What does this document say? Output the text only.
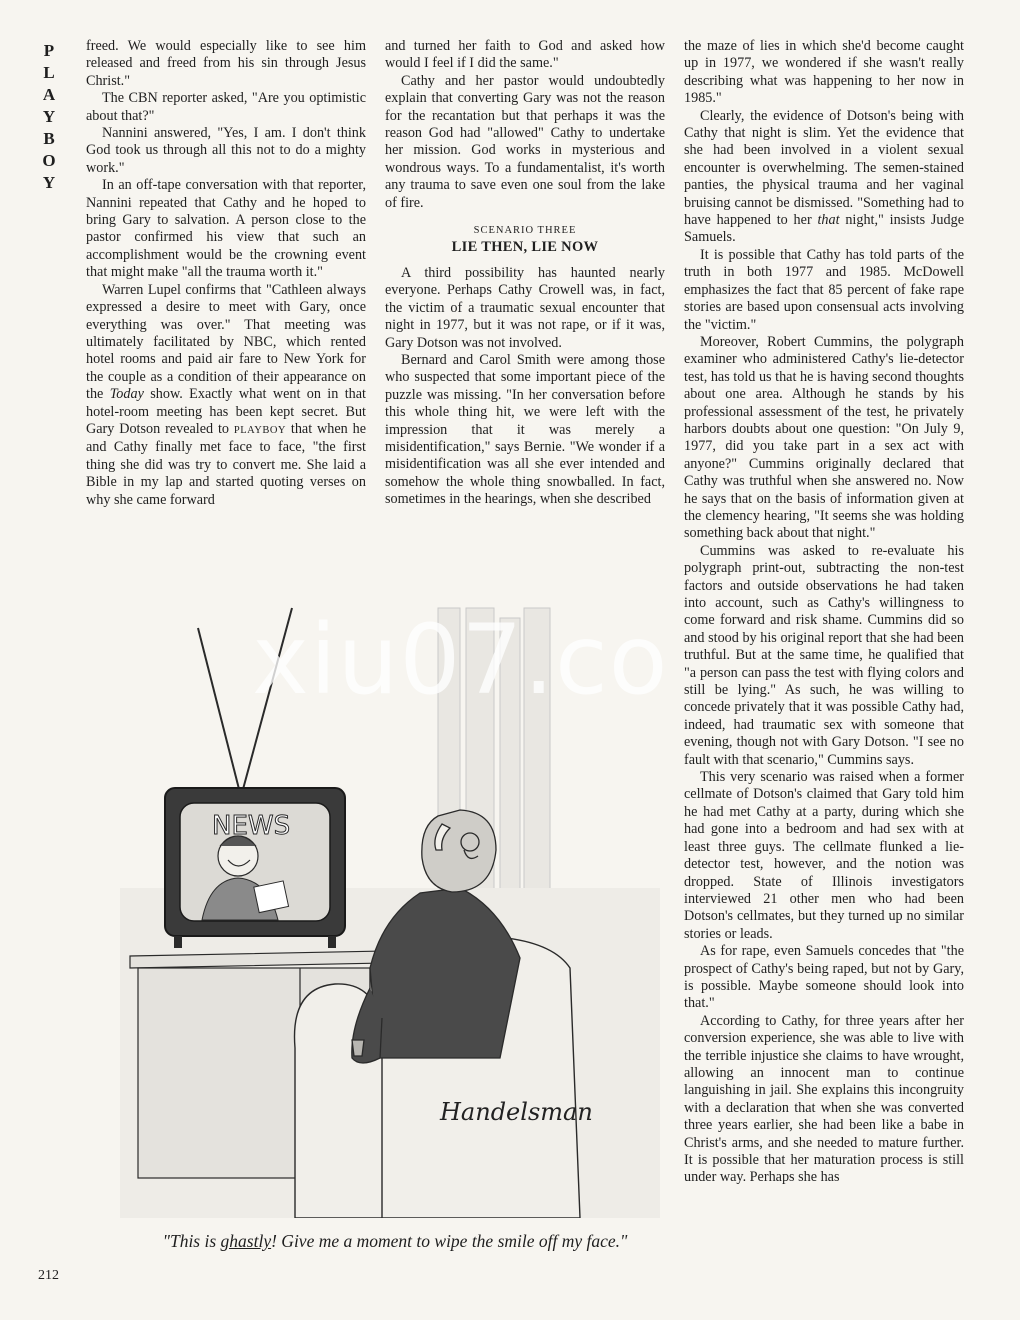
P
L
A
Y
B
O
Y

freed. We would especially like to see him released and freed from his sin through Jesus Christ."

The CBN reporter asked, "Are you optimistic about that?"

Nannini answered, "Yes, I am. I don't think God took us through all this not to do a mighty work."

In an off-tape conversation with that reporter, Nannini repeated that Cathy and he hoped to bring Gary to salvation. A person close to the pastor confirmed his view that such an accomplishment would be the crowning event that might make "all the trauma worth it."

Warren Lupel confirms that "Cathleen always expressed a desire to meet with Gary, once everything was over." That meeting was ultimately facilitated by NBC, which rented hotel rooms and paid air fare to New York for the couple as a condition of their appearance on the Today show. Exactly what went on in that hotel-room meeting has been kept secret. But Gary Dotson revealed to PLAYBOY that when he and Cathy finally met face to face, "the first thing she did was try to convert me. She laid a Bible in my lap and started quoting verses on why she came forward

and turned her faith to God and asked how would I feel if I did the same."

Cathy and her pastor would undoubtedly explain that converting Gary was not the reason for the recantation but that perhaps it was the reason God had "allowed" Cathy to undertake her mission. God works in mysterious and wondrous ways. To a fundamentalist, it's worth any trauma to save even one soul from the lake of fire.

SCENARIO THREE
LIE THEN, LIE NOW

A third possibility has haunted nearly everyone. Perhaps Cathy Crowell was, in fact, the victim of a traumatic sexual encounter that night in 1977, but it was not rape, or if it was, Gary Dotson was not involved.

Bernard and Carol Smith were among those who suspected that some important piece of the puzzle was missing. "In her conversation before this whole thing hit, we were left with the impression that it was merely a misidentification," says Bernie. "We wonder if a misidentification was all she ever intended and somehow the whole thing snowballed. In fact, sometimes in the hearings, when she described

the maze of lies in which she'd become caught up in 1977, we wondered if she wasn't really describing what was happening to her now in 1985."

Clearly, the evidence of Dotson's being with Cathy that night is slim. Yet the evidence that she had been involved in a violent sexual encounter is overwhelming. The semen-stained panties, the physical trauma and her vaginal bruising cannot be dismissed. "Something had to have happened to her that night," insists Judge Samuels.

It is possible that Cathy has told parts of the truth in both 1977 and 1985. McDowell emphasizes the fact that 85 percent of fake rape stories are based upon consensual acts involving the "victim."

Moreover, Robert Cummins, the polygraph examiner who administered Cathy's lie-detector test, has told us that he is having second thoughts about one area. Although he stands by his professional assessment of the test, he privately harbors doubts about one question: "On July 9, 1977, did you take part in a sex act with anyone?" Cummins originally declared that Cathy was truthful when she answered no. Now he says that on the basis of information given at the clemency hearing, "It seems she was holding something back about that night."

Cummins was asked to re-evaluate his polygraph print-out, subtracting the non-test factors and outside observations he had taken into account, such as Cathy's willingness to come forward and risk shame. Cummins did so and stood by his original report that she had been truthful. But at the same time, he qualified that "a person can pass the test with flying colors and still be lying." As such, he was willing to concede privately that it was possible Cathy had, indeed, had traumatic sex with someone that evening, though not with Gary Dotson. "I see no fault with that scenario," Cummins says.

This very scenario was raised when a former cellmate of Dotson's claimed that Gary told him he had met Cathy at a party, during which she had gone into a bedroom and had sex with at least three guys. The cellmate flunked a lie-detector test, however, and the notion was dropped. State of Illinois investigators interviewed 21 other men who had been Dotson's cellmates, but they turned up no similar stories or leads.

As for rape, even Samuels concedes that "the prospect of Cathy's being raped, but not by Gary, is possible. Maybe someone should look into that."

According to Cathy, for three years after her conversion experience, she was able to live with the terrible injustice she claims to have wrought, allowing an innocent man to continue languishing in jail. She explains this incongruity with a declaration that when she was converted three years earlier, she had been like a babe in Christ's arms, and she needed to mature further. It is possible that her maturation process is still under way. Perhaps she has

NEWS
Handelsman
xiu07.co
"This is ghastly! Give me a moment to wipe the smile off my face."
212
